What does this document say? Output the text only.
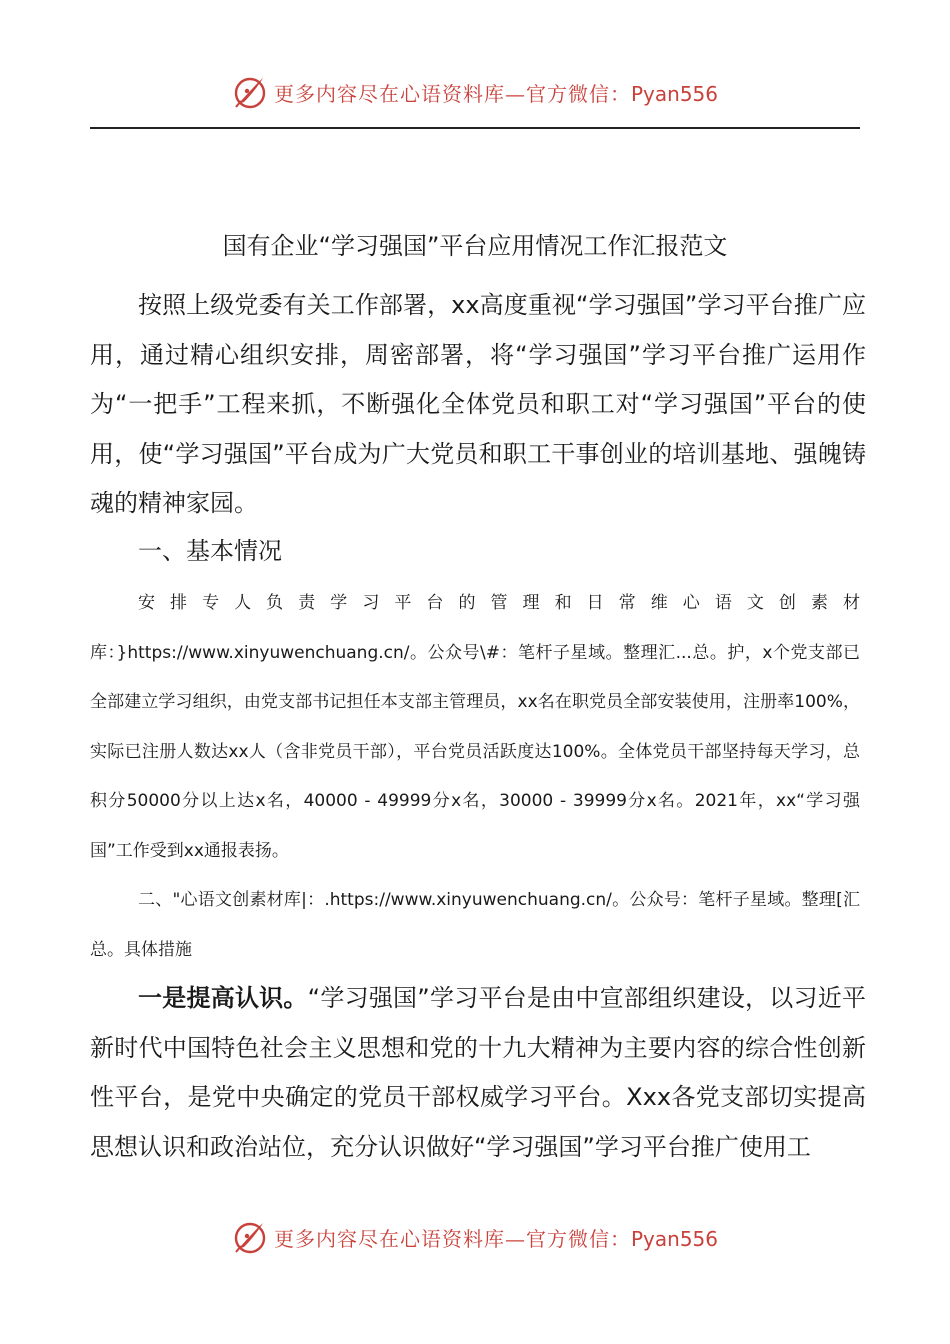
更多内容尽在心语资料库—官方微信：Pyan556
国有企业“学习强国”平台应用情况工作汇报范文
按照上级党委有关工作部署，xx高度重视“学习强国”学习平台推广应用，通过精心组织安排，周密部署，将“学习强国”学习平台推广运用作为“一把手”工程来抓，不断强化全体党员和职工对“学习强国”平台的使用，使“学习强国”平台成为广大党员和职工干事创业的培训基地、强魄铸魂的精神家园。
一、基本情况
安排专人负责学习平台的管理和日常维心语文创素材库：}https://www.xinyuwenchuang.cn/。公众号\#：笔杆子星域。整理汇...总。护，x个党支部已全部建立学习组织，由党支部书记担任本支部主管理员，xx名在职党员全部安装使用，注册率100%，实际已注册人数达xx人（含非党员干部），平台党员活跃度达100%。全体党员干部坚持每天学习，总积分50000分以上达x名，40000 - 49999分x名，30000 - 39999分x名。2021年，xx“学习强国”工作受到xx通报表扬。
二、"心语文创素材库|：.https://www.xinyuwenchuang.cn/。公众号：笔杆子星域。整理[汇总。具体措施
一是提高认识。“学习强国”学习平台是由中宣部组织建设，以习近平新时代中国特色社会主义思想和党的十九大精神为主要内容的综合性创新性平台，是党中央确定的党员干部权威学习平台。Xxx各党支部切实提高思想认识和政治站位，充分认识做好“学习强国”学习平台推广使用工
更多内容尽在心语资料库—官方微信：Pyan556
